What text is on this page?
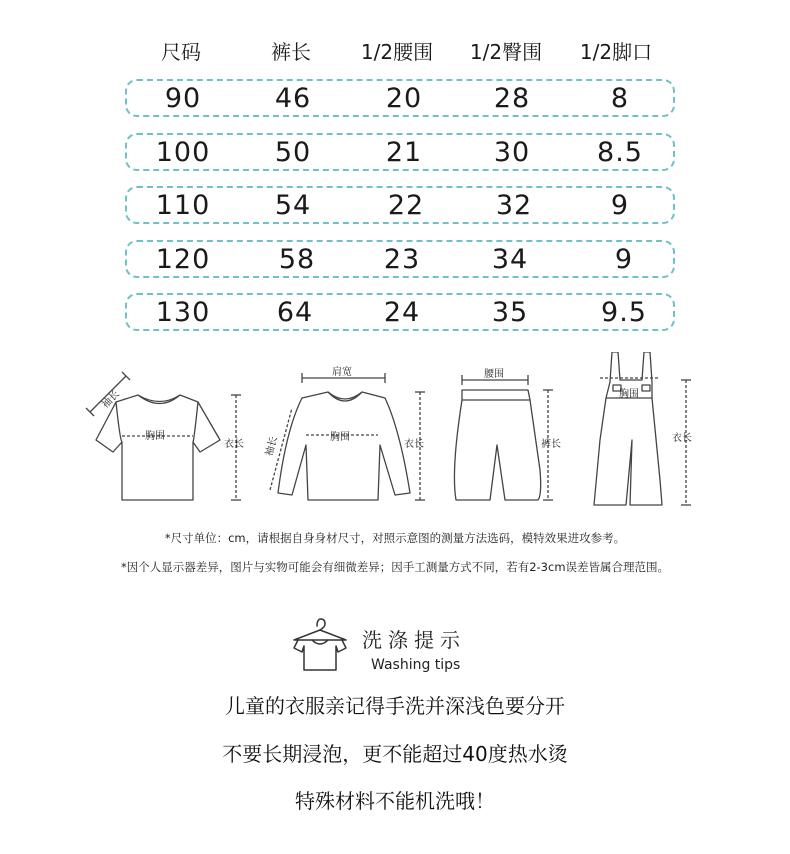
尺码	裤长	1/2腰围	1/2臀围	1/2脚口
90	46	20	28	8
100	50	21	30	8.5
110	54	22	32	9
120	58	23	34	9
130	64	24	35	9.5
袖长
胸围
衣长
肩宽
袖长	胸围
衣长
腰围
裤长
胸围
衣长
*尺寸单位：cm，请根据自身身材尺寸，对照示意图的测量方法选码，模特效果进攻参考。
*因个人显示器差异，图片与实物可能会有细微差异；因手工测量方式不同，若有2-3cm误差皆属合理范围。
洗涤提示
Washing tips
儿童的衣服亲记得手洗并深浅色要分开
不要长期浸泡，更不能超过40度热水烫
特殊材料不能机洗哦！
